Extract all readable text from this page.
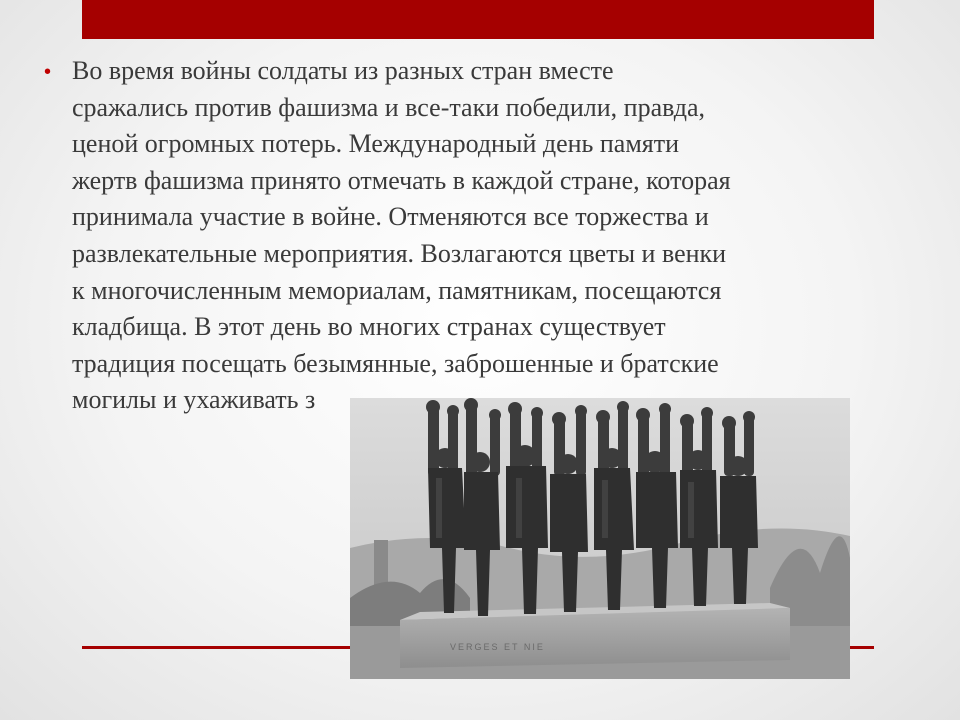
• Во время войны солдаты из разных стран вместе
сражались против фашизма и все-таки победили, правда,
ценой огромных потерь. Международный день памяти
жертв фашизма принято отмечать в каждой стране, которая
принимала участие в войне. Отменяются все торжества и
развлекательные мероприятия. Возлагаются цветы и венки
к многочисленным мемориалам, памятникам, посещаются
кладбища. В этот день во многих странах существует
традиция посещать безымянные, заброшенные и братские
могилы и ухаживать з
VERGES ET NIE
